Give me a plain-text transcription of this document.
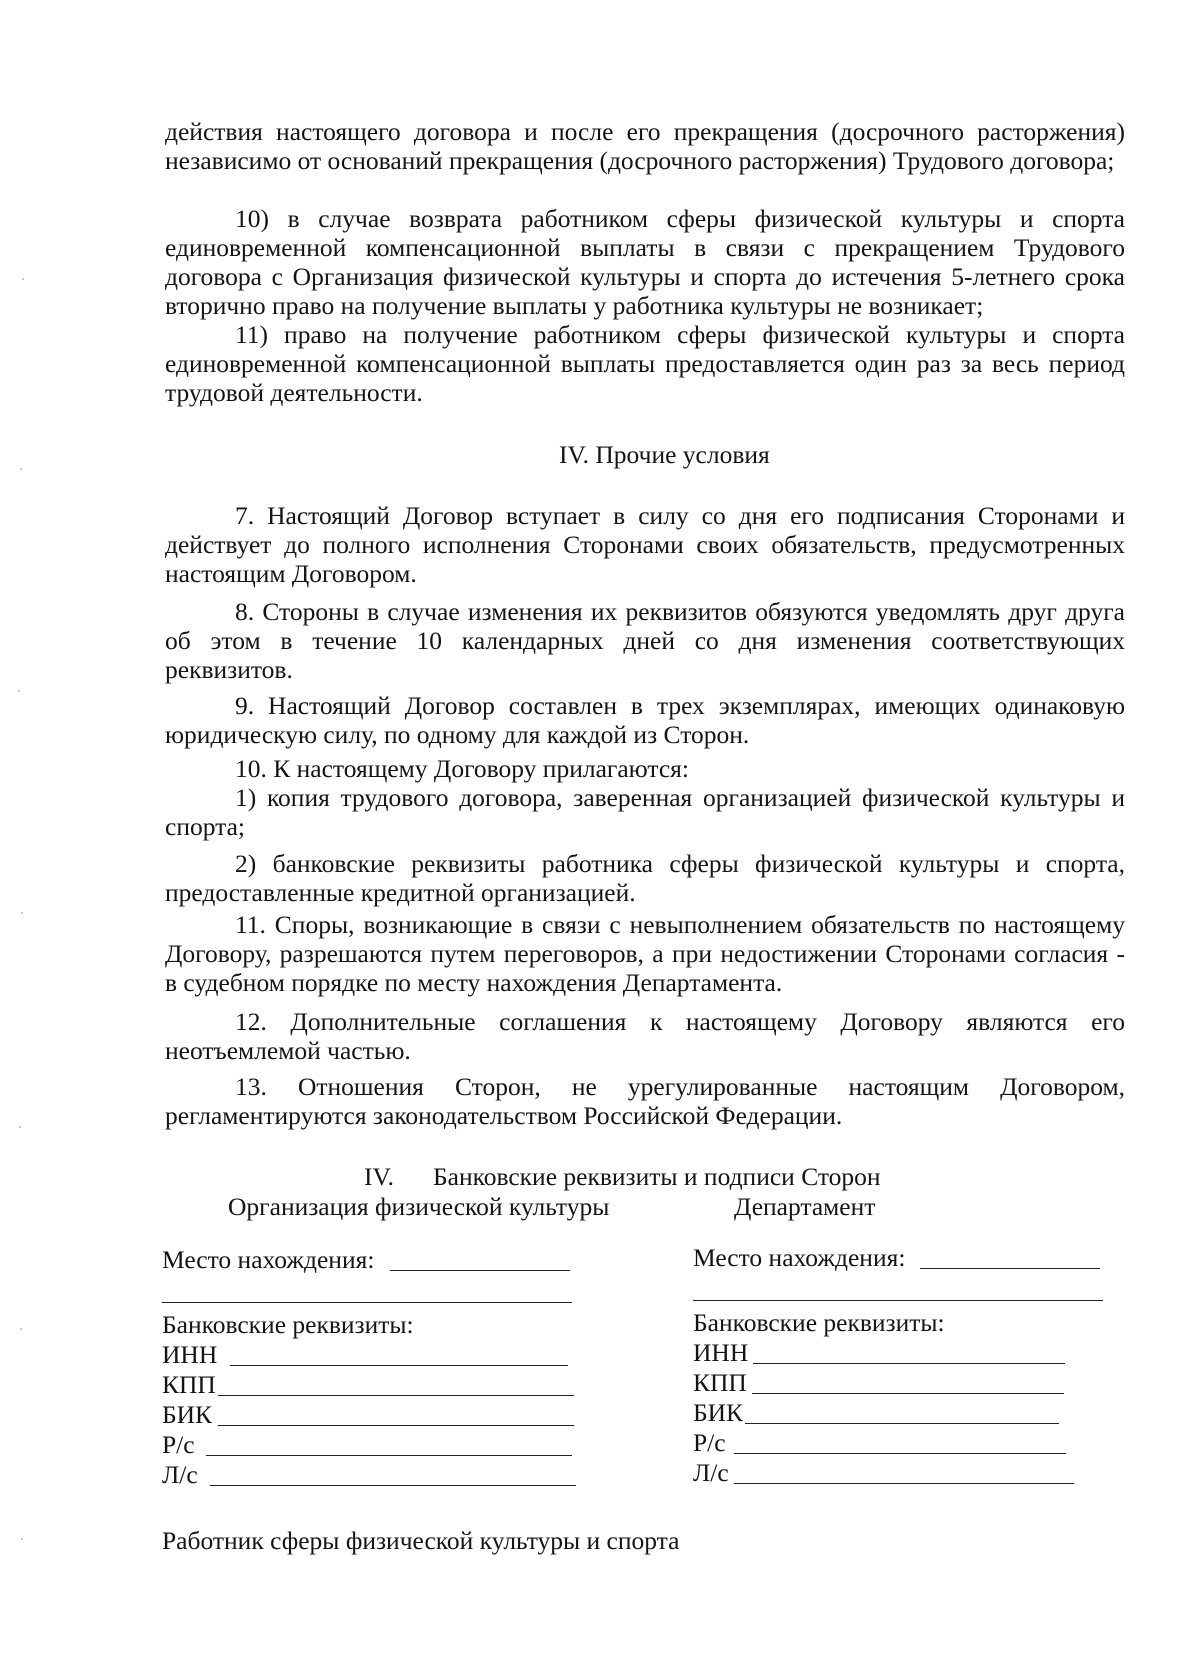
действия настоящего договора и после его прекращения (досрочного расторжения) независимо от оснований прекращения (досрочного расторжения) Трудового договора;

10) в случае возврата работником сферы физической культуры и спорта единовременной компенсационной выплаты в связи с прекращением Трудового договора с Организация физической культуры и спорта до истечения 5-летнего срока вторично право на получение выплаты у работника культуры не возникает;

11) право на получение работником сферы физической культуры и спорта единовременной компенсационной выплаты предоставляется один раз за весь период трудовой деятельности.

IV. Прочие условия

7. Настоящий Договор вступает в силу со дня его подписания Сторонами и действует до полного исполнения Сторонами своих обязательств, предусмотренных настоящим Договором.

8. Стороны в случае изменения их реквизитов обязуются уведомлять друг друга об этом в течение 10 календарных дней со дня изменения соответствующих реквизитов.

9. Настоящий Договор составлен в трех экземплярах, имеющих одинаковую юридическую силу, по одному для каждой из Сторон.

10. К настоящему Договору прилагаются:

1) копия трудового договора, заверенная организацией физической культуры и спорта;

2) банковские реквизиты работника сферы физической культуры и спорта, предоставленные кредитной организацией.

11. Споры, возникающие в связи с невыполнением обязательств по настоящему Договору, разрешаются путем переговоров, а при недостижении Сторонами согласия - в судебном порядке по месту нахождения Департамента.

12. Дополнительные соглашения к настоящему Договору являются его неотъемлемой частью.

13. Отношения Сторон, не урегулированные настоящим Договором, регламентируются законодательством Российской Федерации.

IV. Банковские реквизиты и подписи Сторон

Организация физической культуры

Место нахождения:

Банковские реквизиты:

ИНН

КПП

БИК

Р/с

Л/с

Департамент

Место нахождения:

Банковские реквизиты:

ИНН

КПП

БИК

Р/с

Л/с

Работник сферы физической культуры и спорта
